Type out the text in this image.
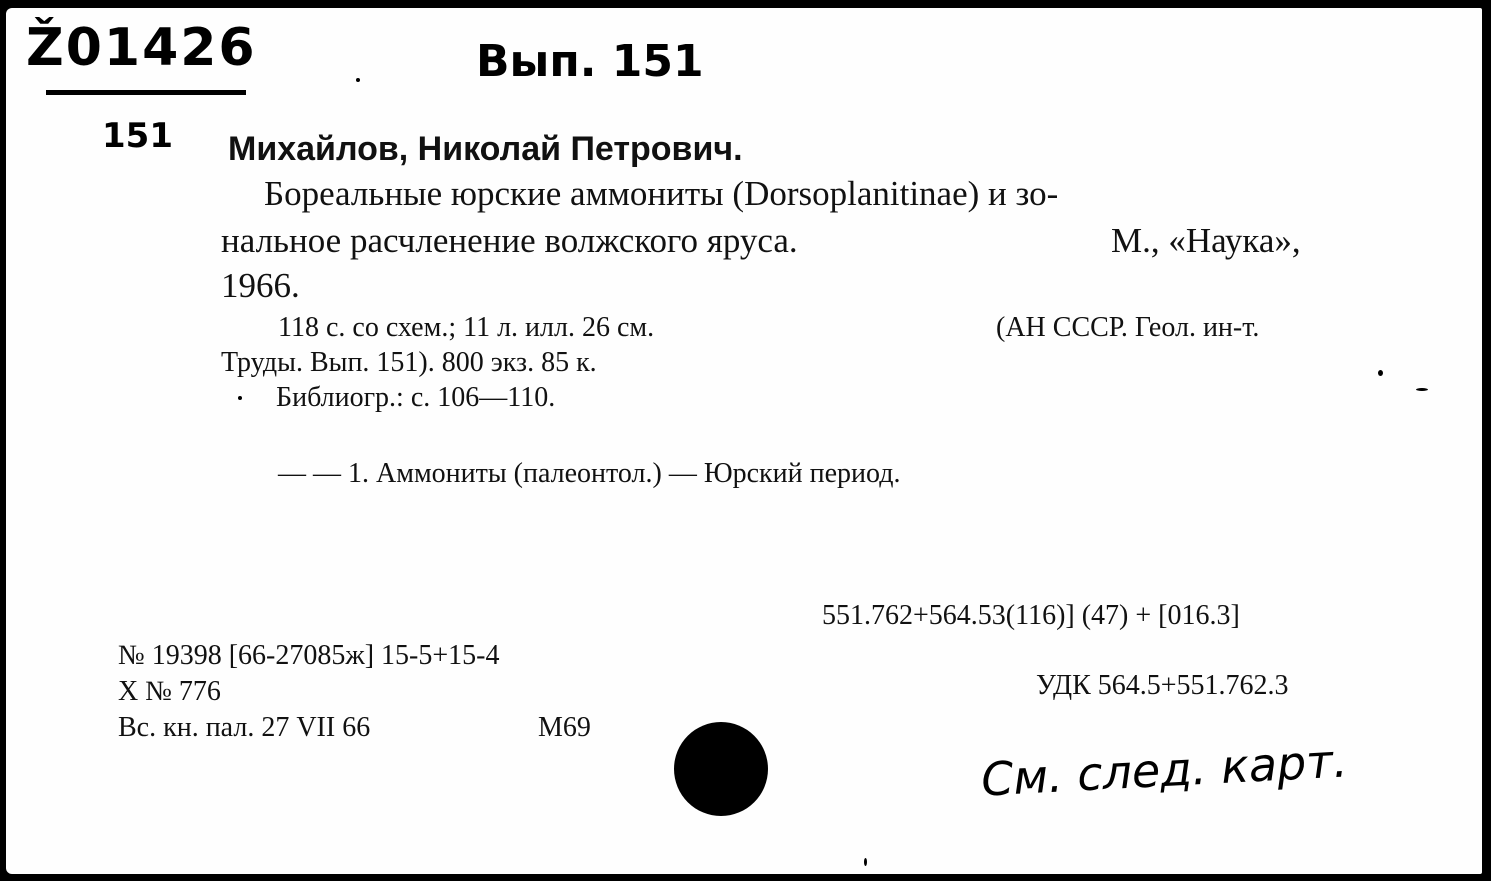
Ž01426	Вып. 151
151 Михайлов, Николай Петрович.
Бореальные юрские аммониты (Dorsoplanitinae) и зо-
нальное расчленение волжского яруса.	М., «Наука»,
1966.
118 с. со схем.; 11 л. илл. 26 см.	(АН СССР. Геол. ин-т.
Труды. Вып. 151). 800 экз. 85 к.
Библиогр.: с. 106—110.
— — 1. Аммониты (палеонтол.) — Юрский период.
551.762+564.53(116)] (47) + [016.3]
№ 19398 [66-27085ж] 15-5+15-4
УДК 564.5+551.762.3
Х № 776
Вс. кн. пал. 27 VII 66	М69
См. след. карт.
